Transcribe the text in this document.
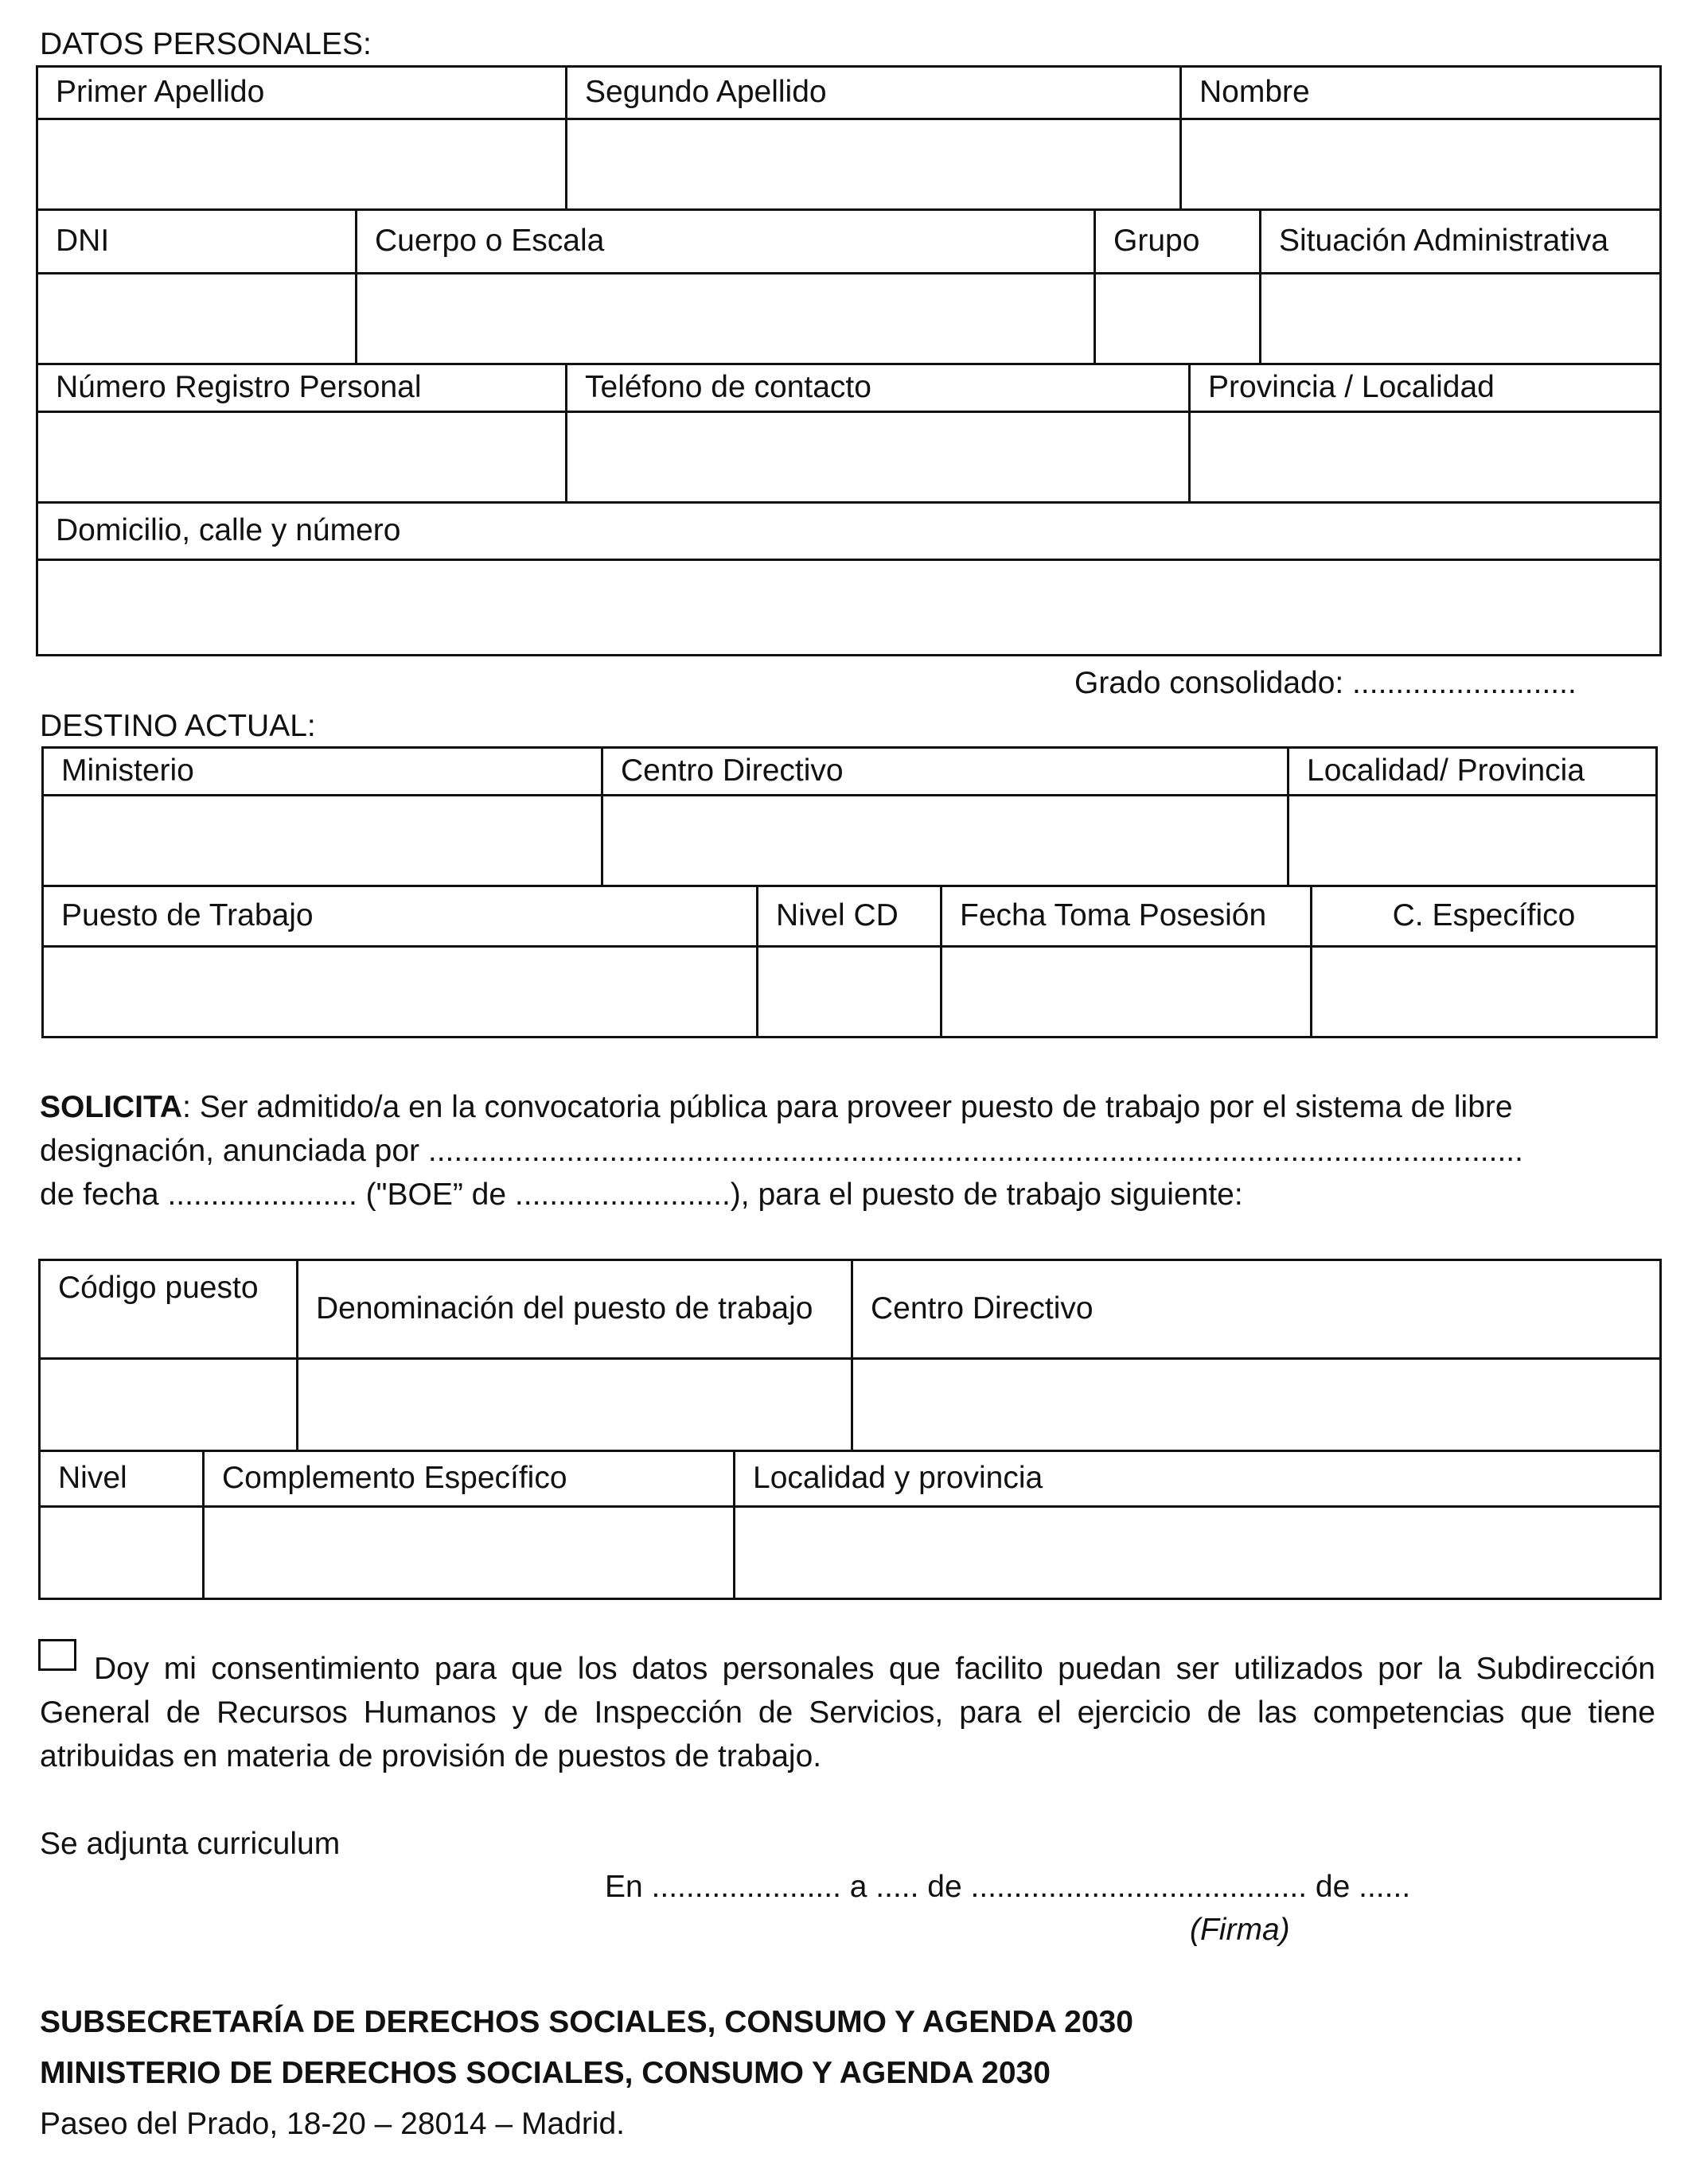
DATOS PERSONALES:
Primer Apellido	Segundo Apellido	Nombre

DNI	Cuerpo o Escala	Grupo	Situación Administrativa

Número Registro Personal	Teléfono de contacto	Provincia / Localidad

Domicilio, calle y número

Grado consolidado: ..........................
DESTINO ACTUAL:
Ministerio	Centro Directivo	Localidad/ Provincia

Puesto de Trabajo	Nivel CD	Fecha Toma Posesión	C. Específico

SOLICITA: Ser admitido/a en la convocatoria pública para proveer puesto de trabajo por el sistema de libre
designación, anunciada por ...............................................................................................................................
de fecha ...................... ("BOE” de .........................), para el puesto de trabajo siguiente:
Código puesto	Denominación del puesto de trabajo	Centro Directivo

Nivel	Complemento Específico	Localidad y provincia

Doy mi consentimiento para que los datos personales que facilito puedan ser utilizados por la Subdirección General de Recursos Humanos y de Inspección de Servicios, para el ejercicio de las competencias que tiene atribuidas en materia de provisión de puestos de trabajo.
Se adjunta curriculum
En ...................... a ..... de ....................................... de ......
(Firma)
SUBSECRETARÍA DE DERECHOS SOCIALES, CONSUMO Y AGENDA 2030
MINISTERIO DE DERECHOS SOCIALES, CONSUMO Y AGENDA 2030
Paseo del Prado, 18-20 – 28014 – Madrid.
